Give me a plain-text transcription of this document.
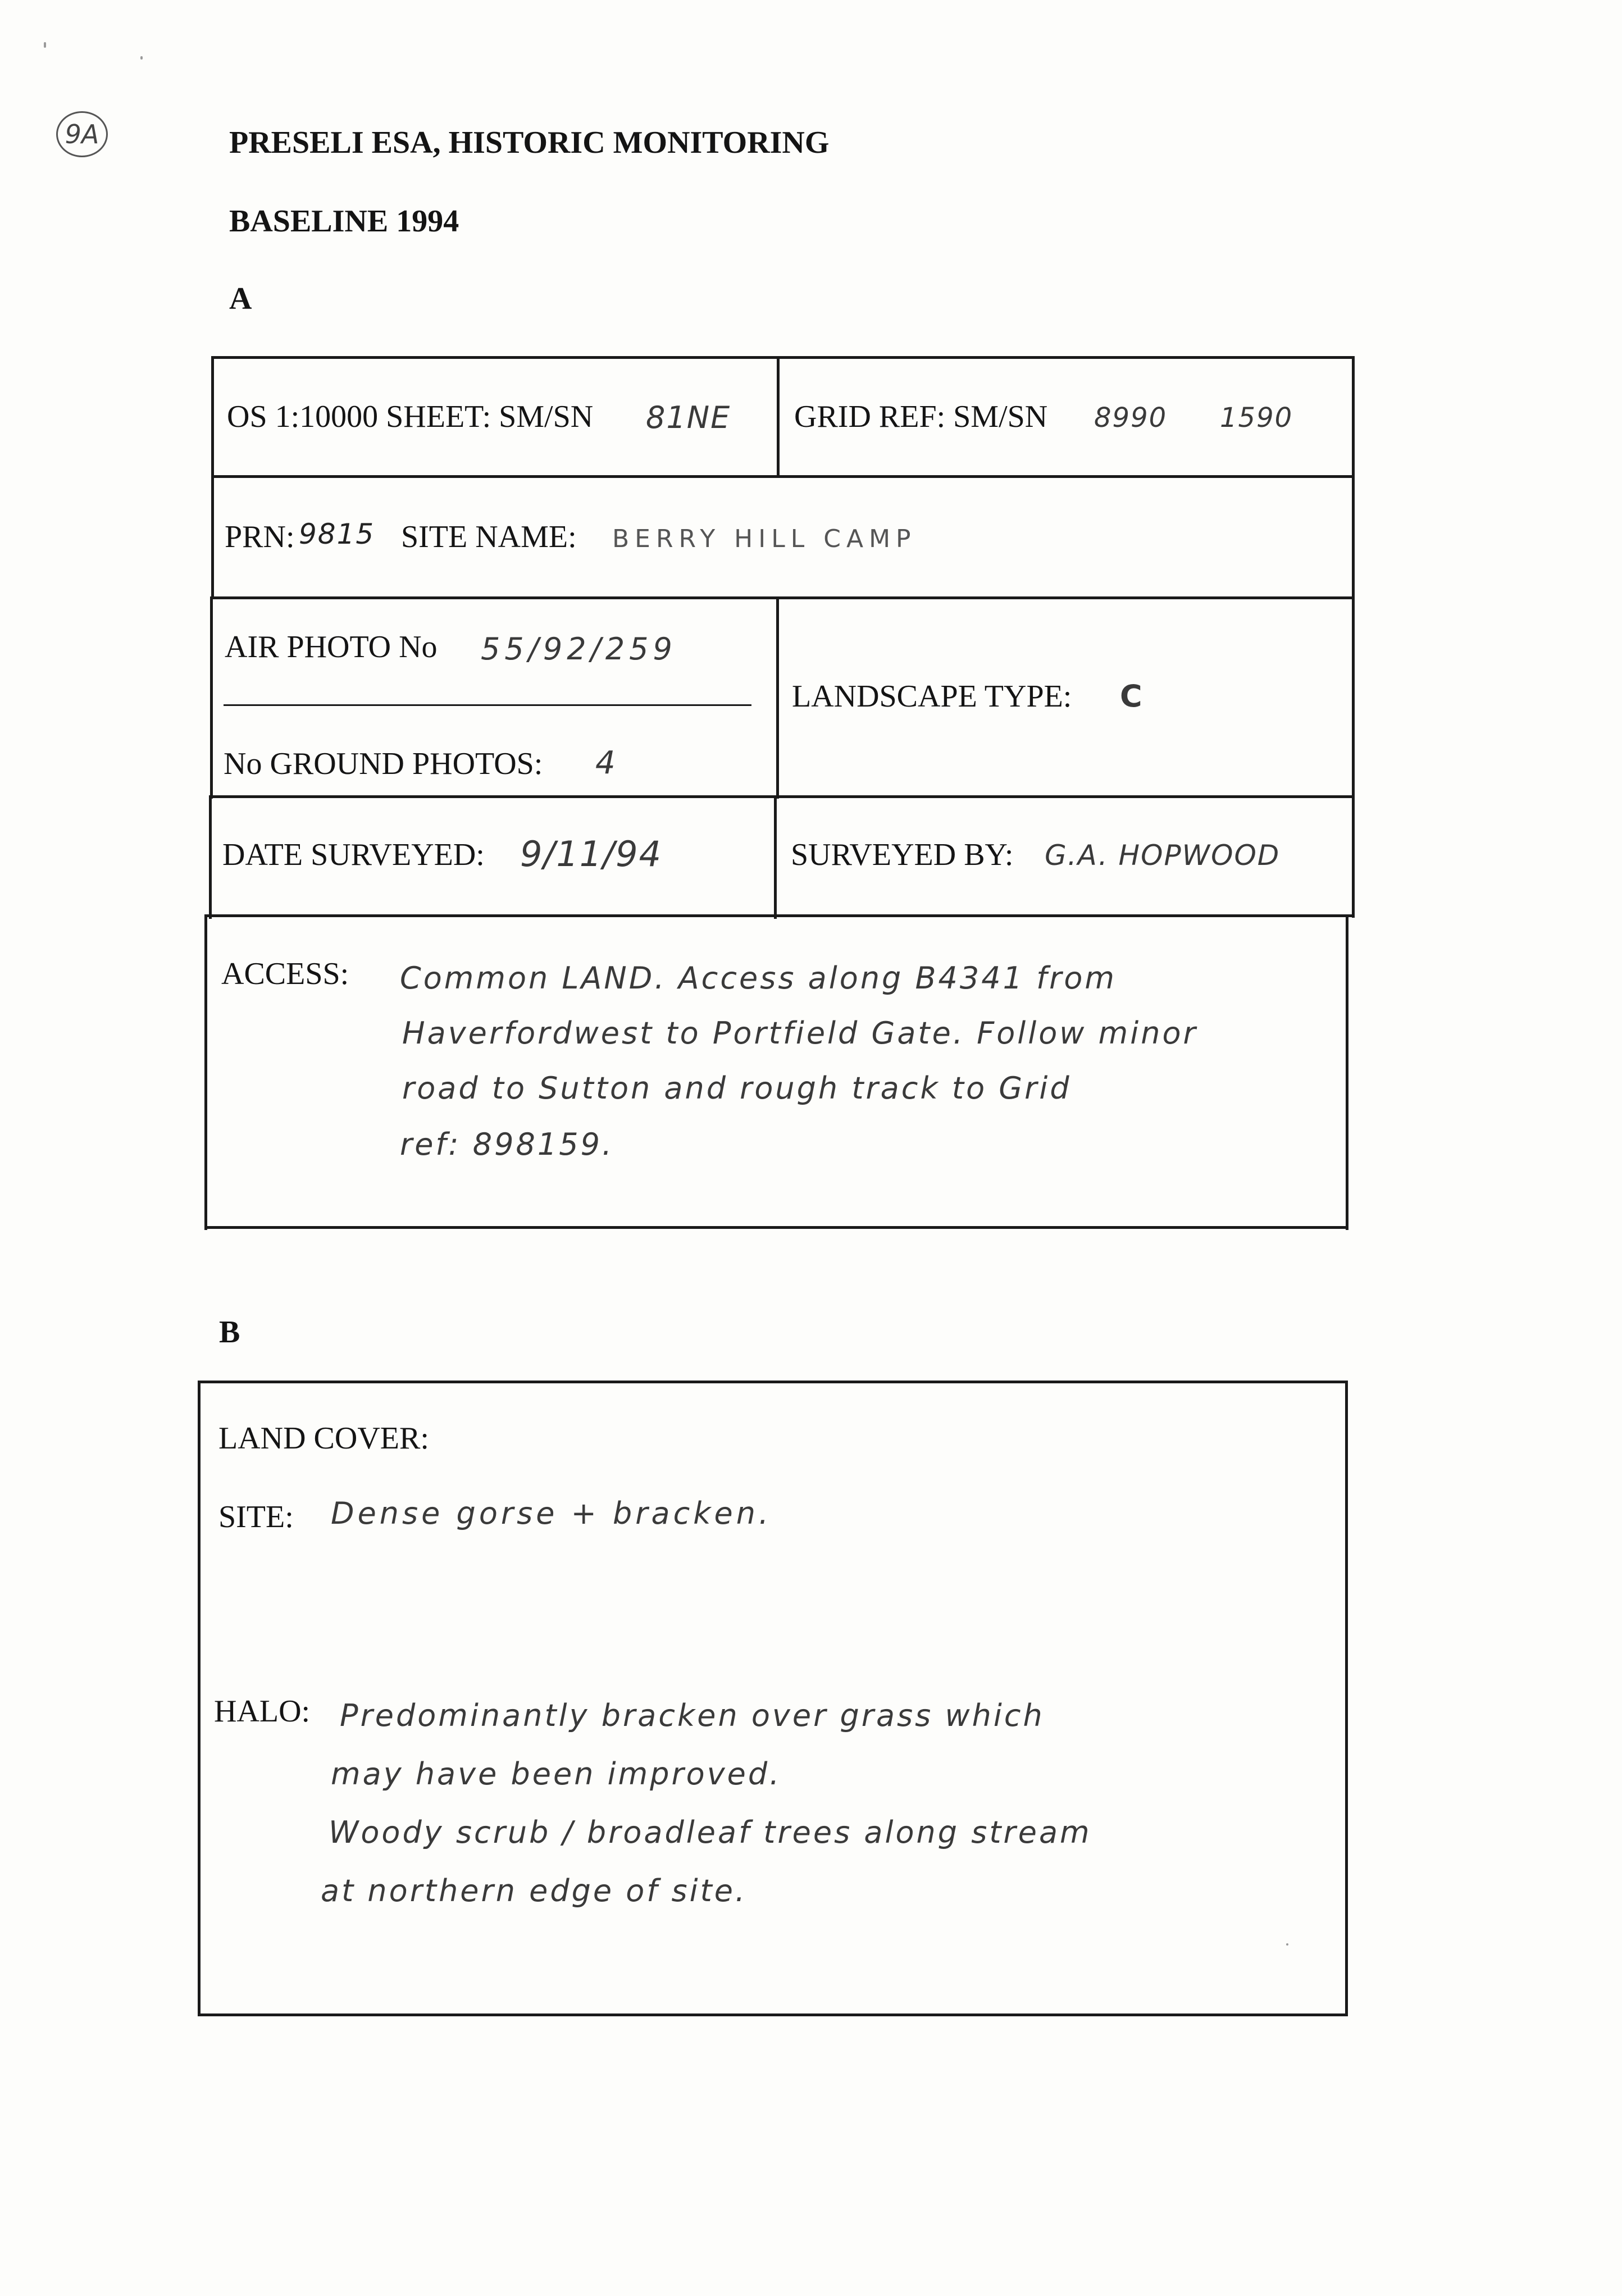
9A	PRESELI ESA, HISTORIC MONITORING
BASELINE 1994
A
OS 1:10000 SHEET: SM/SN 81NE GRID REF: SM/SN 8990 1590
PRN: 9815 SITE NAME: BERRY HILL CAMP
AIR PHOTO No 55/92/259
No GROUND PHOTOS: 4
LANDSCAPE TYPE: C
DATE SURVEYED: 9/11/94	SURVEYED BY: G.A. HOPWOOD
ACCESS: Common LAND. Access along B4341 from
Haverfordwest to Portfield Gate. Follow minor
road to Sutton and rough track to Grid
ref: 898159.
B
LAND COVER:
SITE: Dense gorse + bracken.
HALO: Predominantly bracken over grass which
may have been improved.
Woody scrub / broadleaf trees along stream
at northern edge of site.
